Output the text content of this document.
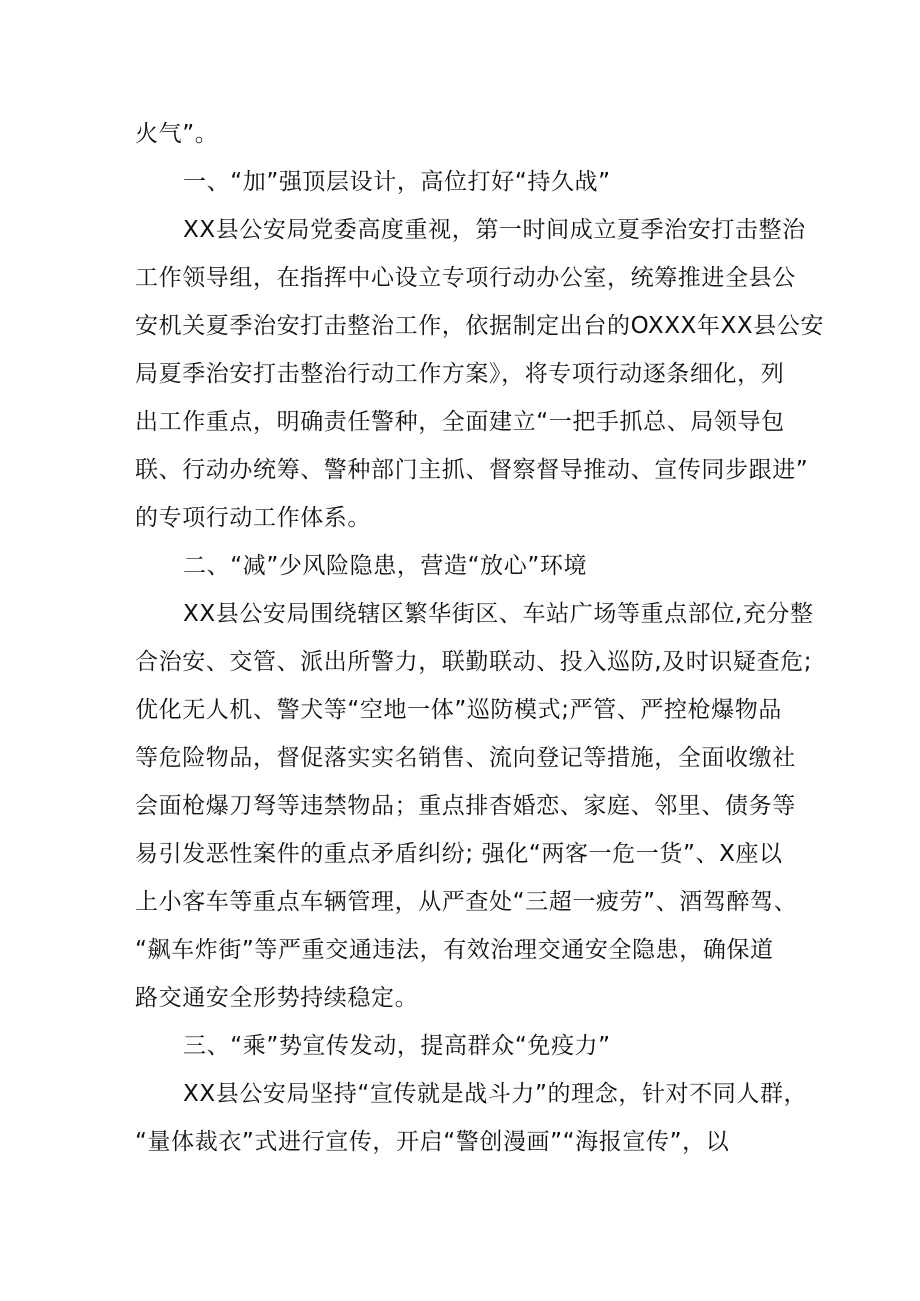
火气”。
一、“加”强顶层设计，高位打好“持久战”
XX县公安局党委高度重视，第一时间成立夏季治安打击整治
工作领导组，在指挥中心设立专项行动办公室，统筹推进全县公
安机关夏季治安打击整治工作，依据制定出台的OXXX年XX县公安
局夏季治安打击整治行动工作方案》，将专项行动逐条细化，列
出工作重点，明确责任警种，全面建立“一把手抓总、局领导包
联、行动办统筹、警种部门主抓、督察督导推动、宣传同步跟进”
的专项行动工作体系。
二、“减”少风险隐患，营造“放心”环境
XX县公安局围绕辖区繁华街区、车站广场等重点部位,充分整
合治安、交管、派出所警力，联勤联动、投入巡防,及时识疑查危;
优化无人机、警犬等“空地一体”巡防模式;严管、严控枪爆物品
等危险物品，督促落实实名销售、流向登记等措施，全面收缴社
会面枪爆刀弩等违禁物品；重点排杳婚恋、家庭、邻里、债务等
易引发恶性案件的重点矛盾纠纷; 强化“两客一危一货”、X座以
上小客车等重点车辆管理，从严查处“三超一疲劳”、酒驾醉驾、
“飙车炸街”等严重交通违法，有效治理交通安全隐患，确保道
路交通安全形势持续稳定。
三、“乘”势宣传发动，提高群众“免疫力”
XX县公安局坚持“宣传就是战斗力”的理念，针对不同人群，
“量体裁衣”式进行宣传，开启“警创漫画”“海报宣传”，以
